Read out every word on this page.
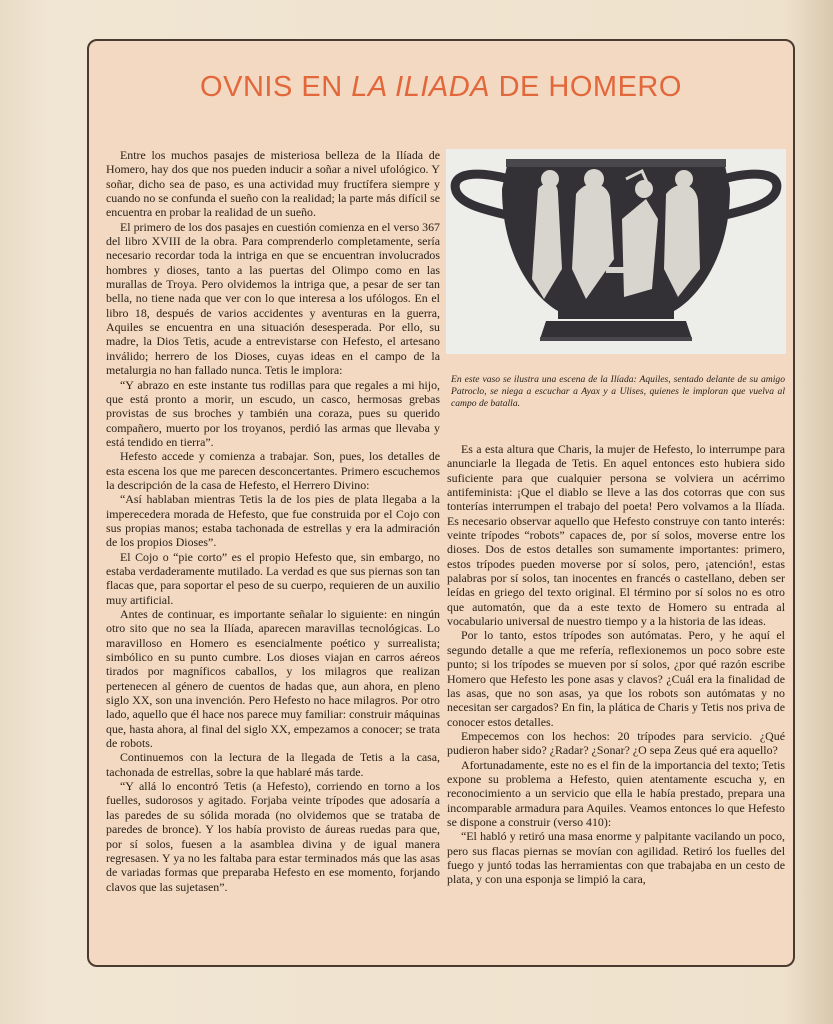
OVNIS EN LA ILIADA DE HOMERO

Entre los muchos pasajes de misteriosa belleza de la Ilíada de Homero, hay dos que nos pueden inducir a soñar a nivel ufológico. Y soñar, dicho sea de paso, es una actividad muy fructífera siempre y cuando no se confunda el sueño con la realidad; la parte más difícil se encuentra en probar la realidad de un sueño.

El primero de los dos pasajes en cuestión comienza en el verso 367 del libro XVIII de la obra. Para comprenderlo completamente, sería necesario recordar toda la intriga en que se encuentran involucrados hombres y dioses, tanto a las puertas del Olimpo como en las murallas de Troya. Pero olvidemos la intriga que, a pesar de ser tan bella, no tiene nada que ver con lo que interesa a los ufólogos. En el libro 18, después de varios accidentes y aventuras en la guerra, Aquiles se encuentra en una situación desesperada. Por ello, su madre, la Dios Tetis, acude a entrevistarse con Hefesto, el artesano inválido; herrero de los Dioses, cuyas ideas en el campo de la metalurgia no han fallado nunca. Tetis le implora:

“Y abrazo en este instante tus rodillas para que regales a mi hijo, que está pronto a morir, un escudo, un casco, hermosas grebas provistas de sus broches y también una coraza, pues su querido compañero, muerto por los troyanos, perdió las armas que llevaba y está tendido en tierra”.

Hefesto accede y comienza a trabajar. Son, pues, los detalles de esta escena los que me parecen desconcertantes. Primero escuchemos la descripción de la casa de Hefesto, el Herrero Divino:

“Así hablaban mientras Tetis la de los pies de plata llegaba a la imperecedera morada de Hefesto, que fue construida por el Cojo con sus propias manos; estaba tachonada de estrellas y era la admiración de los propios Dioses”.

El Cojo o “pie corto” es el propio Hefesto que, sin embargo, no estaba verdaderamente mutilado. La verdad es que sus piernas son tan flacas que, para soportar el peso de su cuerpo, requieren de un auxilio muy artificial.

Antes de continuar, es importante señalar lo siguiente: en ningún otro sito que no sea la Ilíada, aparecen maravillas tecnológicas. Lo maravilloso en Homero es esencialmente poético y surrealista; simbólico en su punto cumbre. Los dioses viajan en carros aéreos tirados por magníficos caballos, y los milagros que realizan pertenecen al género de cuentos de hadas que, aun ahora, en pleno siglo XX, son una invención. Pero Hefesto no hace milagros. Por otro lado, aquello que él hace nos parece muy familiar: construir máquinas que, hasta ahora, al final del siglo XX, empezamos a conocer; se trata de robots.

Continuemos con la lectura de la llegada de Tetis a la casa, tachonada de estrellas, sobre la que hablaré más tarde.

“Y allá lo encontró Tetis (a Hefesto), corriendo en torno a los fuelles, sudorosos y agitado. Forjaba veinte trípodes que adosaría a las paredes de su sólida morada (no olvidemos que se trataba de paredes de bronce). Y los había provisto de áureas ruedas para que, por sí solos, fuesen a la asamblea divina y de igual manera regresasen. Y ya no les faltaba para estar terminados más que las asas de variadas formas que preparaba Hefesto en ese momento, forjando clavos que las sujetasen”.

En este vaso se ilustra una escena de la Ilíada: Aquiles, sentado delante de su amigo Patroclo, se niega a escuchar a Ayax y a Ulises, quienes le imploran que vuelva al campo de batalla.

Es a esta altura que Charis, la mujer de Hefesto, lo interrumpe para anunciarle la llegada de Tetis. En aquel entonces esto hubiera sido suficiente para que cualquier persona se volviera un acérrimo antifeminista: ¡Que el diablo se lleve a las dos cotorras que con sus tonterías interrumpen el trabajo del poeta! Pero volvamos a la Ilíada. Es necesario observar aquello que Hefesto construye con tanto interés: veinte trípodes “robots” capaces de, por sí solos, moverse entre los dioses. Dos de estos detalles son sumamente importantes: primero, estos trípodes pueden moverse por sí solos, pero, ¡atención!, estas palabras por sí solos, tan inocentes en francés o castellano, deben ser leídas en griego del texto original. El término por sí solos no es otro que automatón, que da a este texto de Homero su entrada al vocabulario universal de nuestro tiempo y a la historia de las ideas.

Por lo tanto, estos trípodes son autómatas. Pero, y he aquí el segundo detalle a que me refería, reflexionemos un poco sobre este punto; si los trípodes se mueven por sí solos, ¿por qué razón escribe Homero que Hefesto les pone asas y clavos? ¿Cuál era la finalidad de las asas, que no son asas, ya que los robots son autómatas y no necesitan ser cargados? En fin, la plática de Charis y Tetis nos priva de conocer estos detalles.

Empecemos con los hechos: 20 trípodes para servicio. ¿Qué pudieron haber sido? ¿Radar? ¿Sonar? ¿O sepa Zeus qué era aquello?

Afortunadamente, este no es el fin de la importancia del texto; Tetis expone su problema a Hefesto, quien atentamente escucha y, en reconocimiento a un servicio que ella le había prestado, prepara una incomparable armadura para Aquiles. Veamos entonces lo que Hefesto se dispone a construir (verso 410):

“El habló y retiró una masa enorme y palpitante vacilando un poco, pero sus flacas piernas se movían con agilidad. Retiró los fuelles del fuego y juntó todas las herramientas con que trabajaba en un cesto de plata, y con una esponja se limpió la cara,
